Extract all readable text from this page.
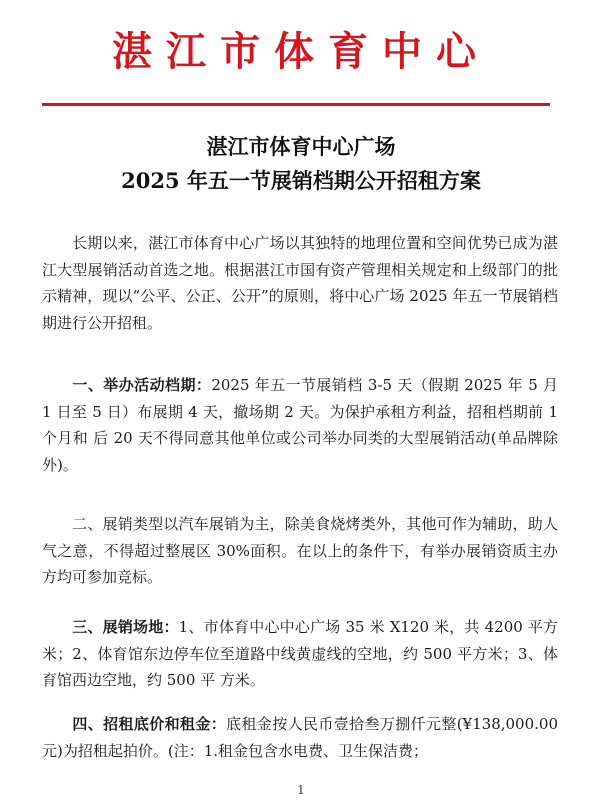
湛江市体育中心
湛江市体育中心广场
2025 年五一节展销档期公开招租方案
长期以来，湛江市体育中心广场以其独特的地理位置和空间优势已成为湛江大型展销活动首选之地。根据湛江市国有资产管理相关规定和上级部门的批示精神，现以“公平、公正、公开”的原则，将中心广场 2025 年五一节展销档期进行公开招租。
一、举办活动档期：2025 年五一节展销档 3-5 天（假期 2025 年 5 月 1 日至 5 日）布展期 4 天，撤场期 2 天。为保护承租方利益，招租档期前 1 个月和 后 20 天不得同意其他单位或公司举办同类的大型展销活动(单品牌除外)。
二、展销类型以汽车展销为主，除美食烧烤类外，其他可作为辅助，助人气之意，不得超过整展区 30%面积。在以上的条件下，有举办展销资质主办方均可参加竞标。
三、展销场地：1、市体育中心中心广场 35 米 X120 米，共 4200 平方米；2、体育馆东边停车位至道路中线黄虚线的空地，约 500 平方米；3、体育馆西边空地，约 500 平 方米。
四、招租底价和租金：底租金按人民币壹拾叁万捌仟元整(¥138,000.00 元)为招租起拍价。(注：1.租金包含水电费、卫生保洁费；
1
